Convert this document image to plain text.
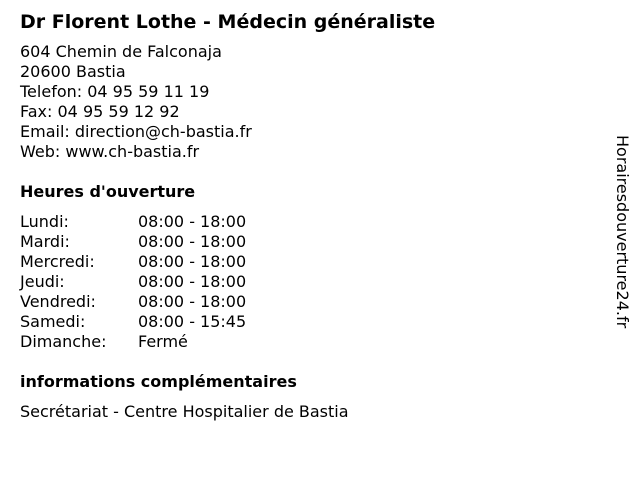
Dr Florent Lothe - Médecin généraliste
604 Chemin de Falconaja
20600 Bastia
Telefon: 04 95 59 11 19
Fax: 04 95 59 12 92
Email: direction@ch-bastia.fr
Web: www.ch-bastia.fr
Heures d'ouverture
Lundi:	08:00 - 18:00
Mardi:	08:00 - 18:00
Mercredi:	08:00 - 18:00
Jeudi:	08:00 - 18:00
Vendredi:	08:00 - 18:00
Samedi:	08:00 - 15:45
Dimanche:	Fermé
informations complémentaires
Secrétariat - Centre Hospitalier de Bastia
Horairesdouverture24.fr
